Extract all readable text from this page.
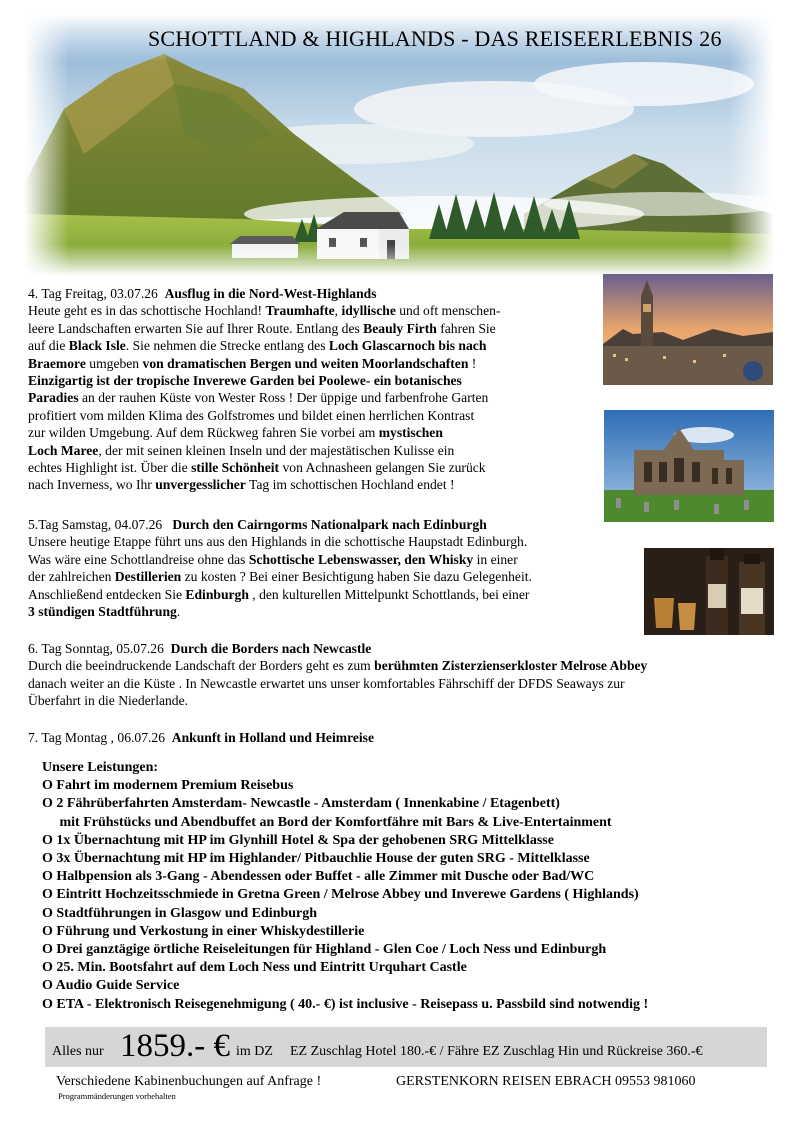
SCHOTTLAND & HIGHLANDS - DAS REISEERLEBNIS 26
4. Tag Freitag, 03.07.26 Ausflug in die Nord-West-Highlands
Heute geht es in das schottische Hochland! Traumhafte, idyllische und oft menschen-
leere Landschaften erwarten Sie auf Ihrer Route. Entlang des Beauly Firth fahren Sie
auf die Black Isle. Sie nehmen die Strecke entlang des Loch Glascarnoch bis nach
Braemore umgeben von dramatischen Bergen und weiten Moorlandschaften !
Einzigartig ist der tropische Inverewe Garden bei Poolewe- ein botanisches
Paradies an der rauhen Küste von Wester Ross ! Der üppige und farbenfrohe Garten
profitiert vom milden Klima des Golfstromes und bildet einen herrlichen Kontrast
zur wilden Umgebung. Auf dem Rückweg fahren Sie vorbei am mystischen
Loch Maree, der mit seinen kleinen Inseln und der majestätischen Kulisse ein
echtes Highlight ist. Über die stille Schönheit von Achnasheen gelangen Sie zurück
nach Inverness, wo Ihr unvergesslicher Tag im schottischen Hochland endet !
5.Tag Samstag, 04.07.26 Durch den Cairngorms Nationalpark nach Edinburgh
Unsere heutige Etappe führt uns aus den Highlands in die schottische Haupstadt Edinburgh.
Was wäre eine Schottlandreise ohne das Schottische Lebenswasser, den Whisky in einer
der zahlreichen Destillerien zu kosten ? Bei einer Besichtigung haben Sie dazu Gelegenheit.
Anschließend entdecken Sie Edinburgh , den kulturellen Mittelpunkt Schottlands, bei einer
3 stündigen Stadtführung.
6. Tag Sonntag, 05.07.26 Durch die Borders nach Newcastle
Durch die beeindruckende Landschaft der Borders geht es zum berühmten Zisterzienserkloster Melrose Abbey
danach weiter an die Küste . In Newcastle erwartet uns unser komfortables Fährschiff der DFDS Seaways zur
Überfahrt in die Niederlande.
7. Tag Montag , 06.07.26 Ankunft in Holland und Heimreise
Unsere Leistungen:
O Fahrt im modernem Premium Reisebus
O 2 Fährüberfahrten Amsterdam- Newcastle - Amsterdam ( Innenkabine / Etagenbett)
mit Frühstücks und Abendbuffet an Bord der Komfortfähre mit Bars & Live-Entertainment
O 1x Übernachtung mit HP im Glynhill Hotel & Spa der gehobenen SRG Mittelklasse
O 3x Übernachtung mit HP im Highlander/ Pitbauchlie House der guten SRG - Mittelklasse
O Halbpension als 3-Gang - Abendessen oder Buffet - alle Zimmer mit Dusche oder Bad/WC
O Eintritt Hochzeitsschmiede in Gretna Green / Melrose Abbey und Inverewe Gardens ( Highlands)
O Stadtführungen in Glasgow und Edinburgh
O Führung und Verkostung in einer Whiskydestillerie
O Drei ganztägige örtliche Reiseleitungen für Highland - Glen Coe / Loch Ness und Edinburgh
O 25. Min. Bootsfahrt auf dem Loch Ness und Eintritt Urquhart Castle
O Audio Guide Service
O ETA - Elektronisch Reisegenehmigung ( 40.- €) ist inclusive - Reisepass u. Passbild sind notwendig !
Alles nur 1859.- € im DZ EZ Zuschlag Hotel 180.-€ / Fähre EZ Zuschlag Hin und Rückreise 360.-€
Verschiedene Kabinenbuchungen auf Anfrage !	GERSTENKORN REISEN EBRACH 09553 981060
Programmänderungen vorbehalten
